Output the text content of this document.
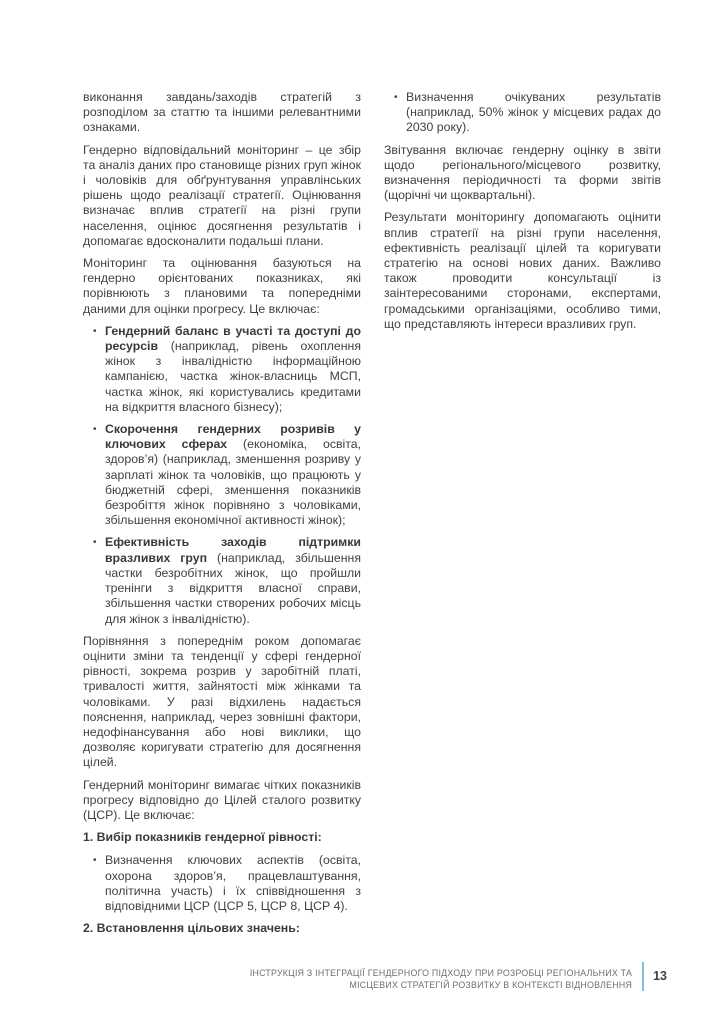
виконання завдань/заходів стратегій з розподілом за статтю та іншими релевантними ознаками.

Гендерно відповідальний моніторинг – це збір та аналіз даних про становище різних груп жінок і чоловіків для обґрунтування управлінських рішень щодо реалізації стратегії. Оцінювання визначає вплив стратегії на різні групи населення, оцінює досягнення результатів і допомагає вдосконалити подальші плани.

Моніторинг та оцінювання базуються на гендерно орієнтованих показниках, які порівнюють з плановими та попередніми даними для оцінки прогресу. Це включає:

• Гендерний баланс в участі та доступі до ресурсів (наприклад, рівень охоплення жінок з інвалідністю інформаційною кампанією, частка жінок-власниць МСП, частка жінок, які користувались кредитами на відкриття власного бізнесу);
• Скорочення гендерних розривів у ключових сферах (економіка, освіта, здоров’я) (наприклад, зменшення розриву у зарплаті жінок та чоловіків, що працюють у бюджетній сфері, зменшення показників безробіття жінок порівняно з чоловіками, збільшення економічної активності жінок);
• Ефективність заходів підтримки вразливих груп (наприклад, збільшення частки безробітних жінок, що пройшли тренінги з відкриття власної справи, збільшення частки створених робочих місць для жінок з інвалідністю).

Порівняння з попереднім роком допомагає оцінити зміни та тенденції у сфері гендерної рівності, зокрема розрив у заробітній платі, тривалості життя, зайнятості між жінками та чоловіками. У разі відхилень надається пояснення, наприклад, через зовнішні фактори, недофінансування або нові виклики, що дозволяє коригувати стратегію для досягнення цілей.

Гендерний моніторинг вимагає чітких показників прогресу відповідно до Цілей сталого розвитку (ЦСР). Це включає:

1. Вибір показників гендерної рівності:

• Визначення ключових аспектів (освіта, охорона здоров’я, працевлаштування, політична участь) і їх співвідношення з відповідними ЦСР (ЦСР 5, ЦСР 8, ЦСР 4).

2. Встановлення цільових значень:

• Визначення очікуваних результатів (наприклад, 50% жінок у місцевих радах до 2030 року).

Звітування включає гендерну оцінку в звіти щодо регіонального/місцевого розвитку, визначення періодичності та форми звітів (щорічні чи щоквартальні).

Результати моніторингу допомагають оцінити вплив стратегії на різні групи населення, ефективність реалізації цілей та коригувати стратегію на основі нових даних. Важливо також проводити консультації із заінтересованими сторонами, експертами, громадськими організаціями, особливо тими, що представляють інтереси вразливих груп.

ІНСТРУКЦІЯ З ІНТЕГРАЦІЇ ГЕНДЕРНОГО ПІДХОДУ ПРИ РОЗРОБЦІ РЕГІОНАЛЬНИХ ТА
МІСЦЕВИХ СТРАТЕГІЙ РОЗВИТКУ В КОНТЕКСТІ ВІДНОВЛЕННЯ
13
